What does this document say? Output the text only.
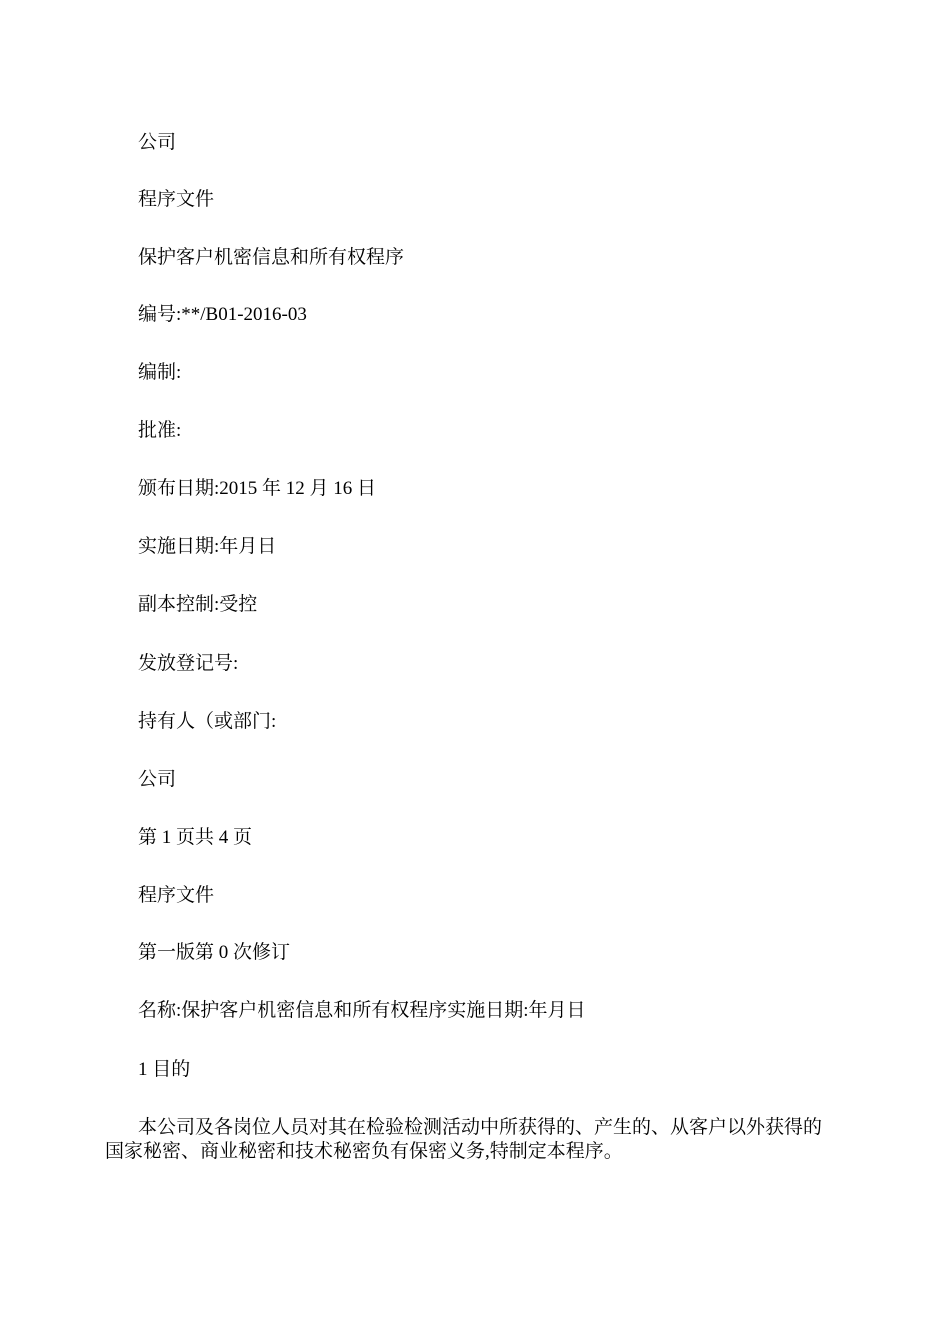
公司
程序文件
保护客户机密信息和所有权程序
编号:**/B01-2016-03
编制:
批准:
颁布日期:2015 年 12 月 16 日
实施日期:年月日
副本控制:受控
发放登记号:
持有人（或部门:
公司
第 1 页共 4 页
程序文件
第一版第 0 次修订
名称:保护客户机密信息和所有权程序实施日期:年月日
1 目的
本公司及各岗位人员对其在检验检测活动中所获得的、产生的、从客户以外获得的国家秘密、商业秘密和技术秘密负有保密义务,特制定本程序。
